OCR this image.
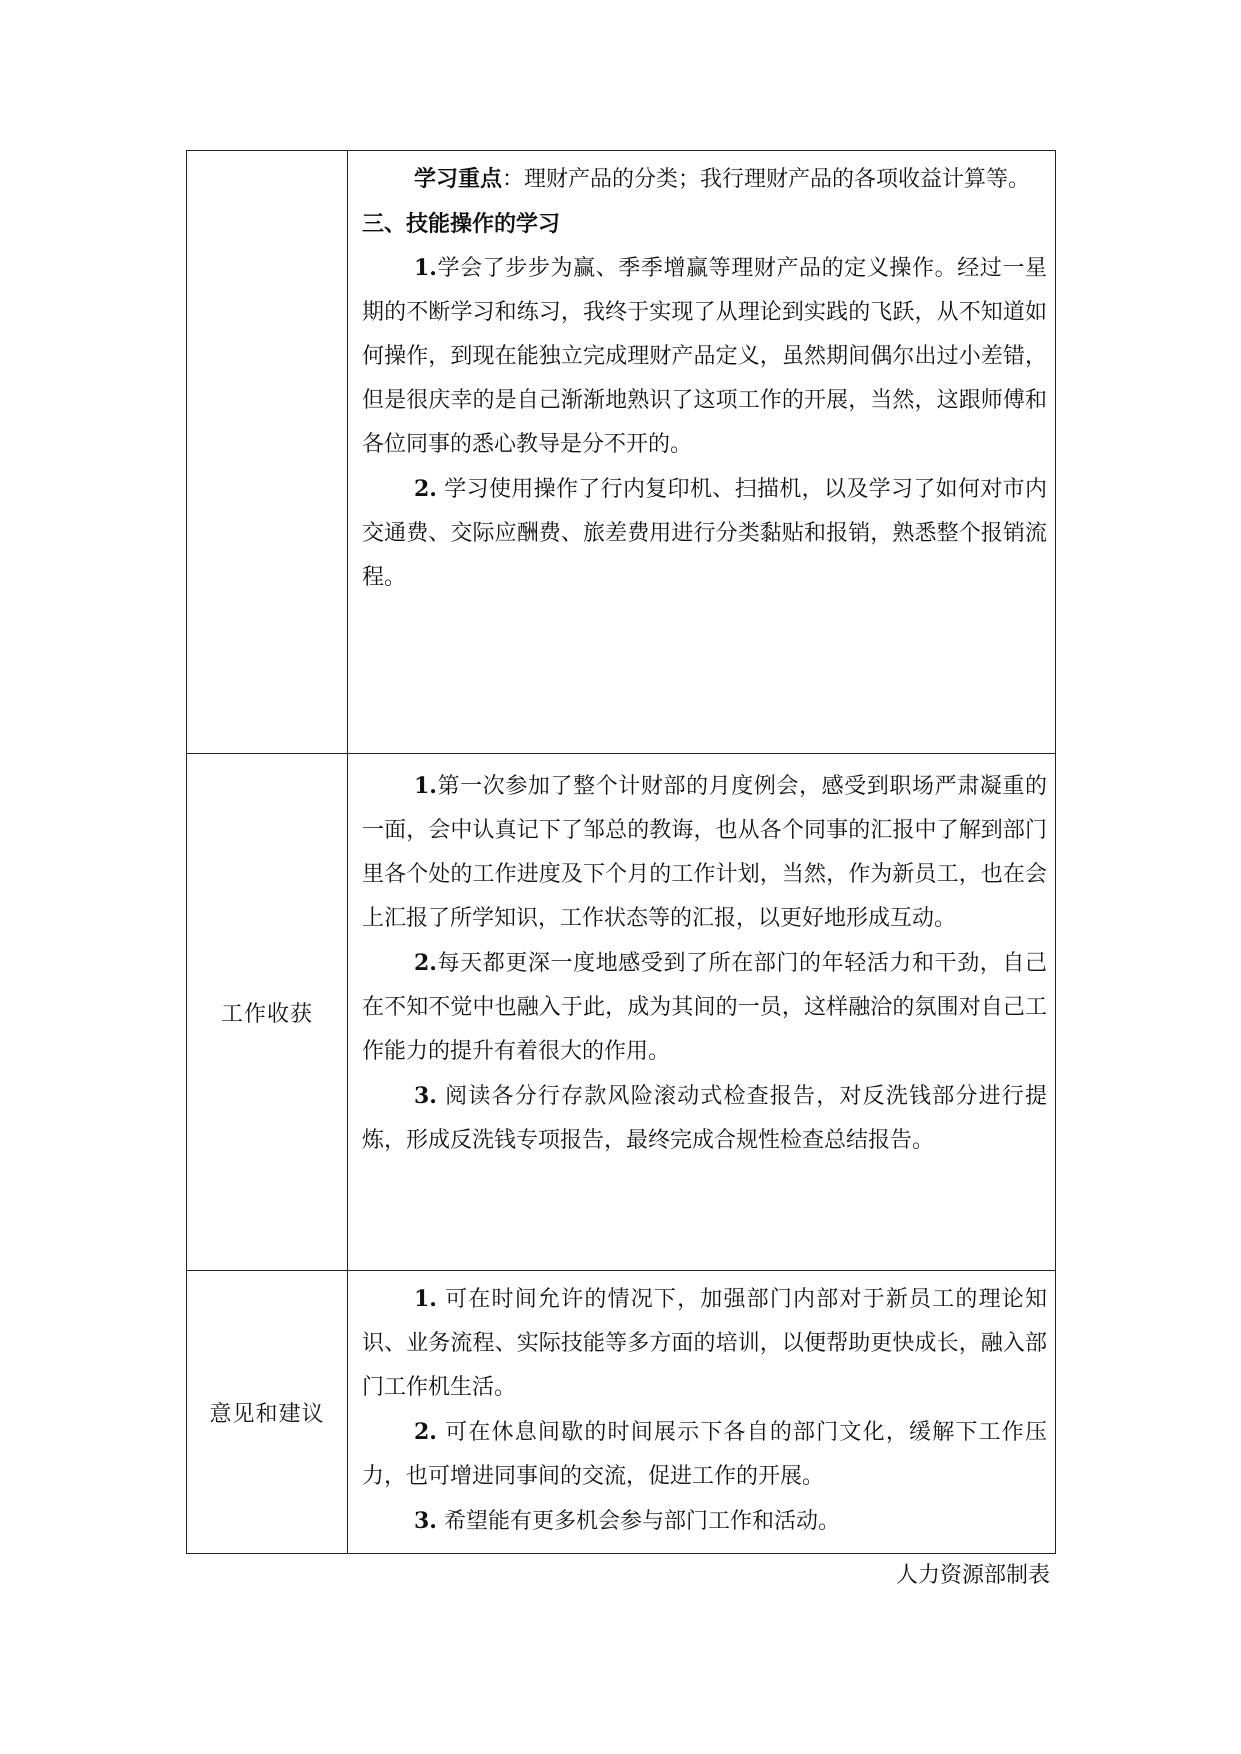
	学习重点：理财产品的分类；我行理财产品的各项收益计算等。

三、技能操作的学习

1.学会了步步为赢、季季增赢等理财产品的定义操作。经过一星期的不断学习和练习，我终于实现了从理论到实践的飞跃，从不知道如何操作，到现在能独立完成理财产品定义，虽然期间偶尔出过小差错，但是很庆幸的是自己渐渐地熟识了这项工作的开展，当然，这跟师傅和各位同事的悉心教导是分不开的。

2. 学习使用操作了行内复印机、扫描机，以及学习了如何对市内交通费、交际应酬费、旅差费用进行分类黏贴和报销，熟悉整个报销流程。

工作收获	1.第一次参加了整个计财部的月度例会，感受到职场严肃凝重的一面，会中认真记下了邹总的教诲，也从各个同事的汇报中了解到部门里各个处的工作进度及下个月的工作计划，当然，作为新员工，也在会上汇报了所学知识，工作状态等的汇报，以更好地形成互动。

2.每天都更深一度地感受到了所在部门的年轻活力和干劲，自己在不知不觉中也融入于此，成为其间的一员，这样融洽的氛围对自己工作能力的提升有着很大的作用。

3. 阅读各分行存款风险滚动式检查报告，对反洗钱部分进行提炼，形成反洗钱专项报告，最终完成合规性检查总结报告。

意见和建议	1. 可在时间允许的情况下，加强部门内部对于新员工的理论知识、业务流程、实际技能等多方面的培训，以便帮助更快成长，融入部门工作机生活。

2. 可在休息间歇的时间展示下各自的部门文化，缓解下工作压力，也可增进同事间的交流，促进工作的开展。

3. 希望能有更多机会参与部门工作和活动。

人力资源部制表
